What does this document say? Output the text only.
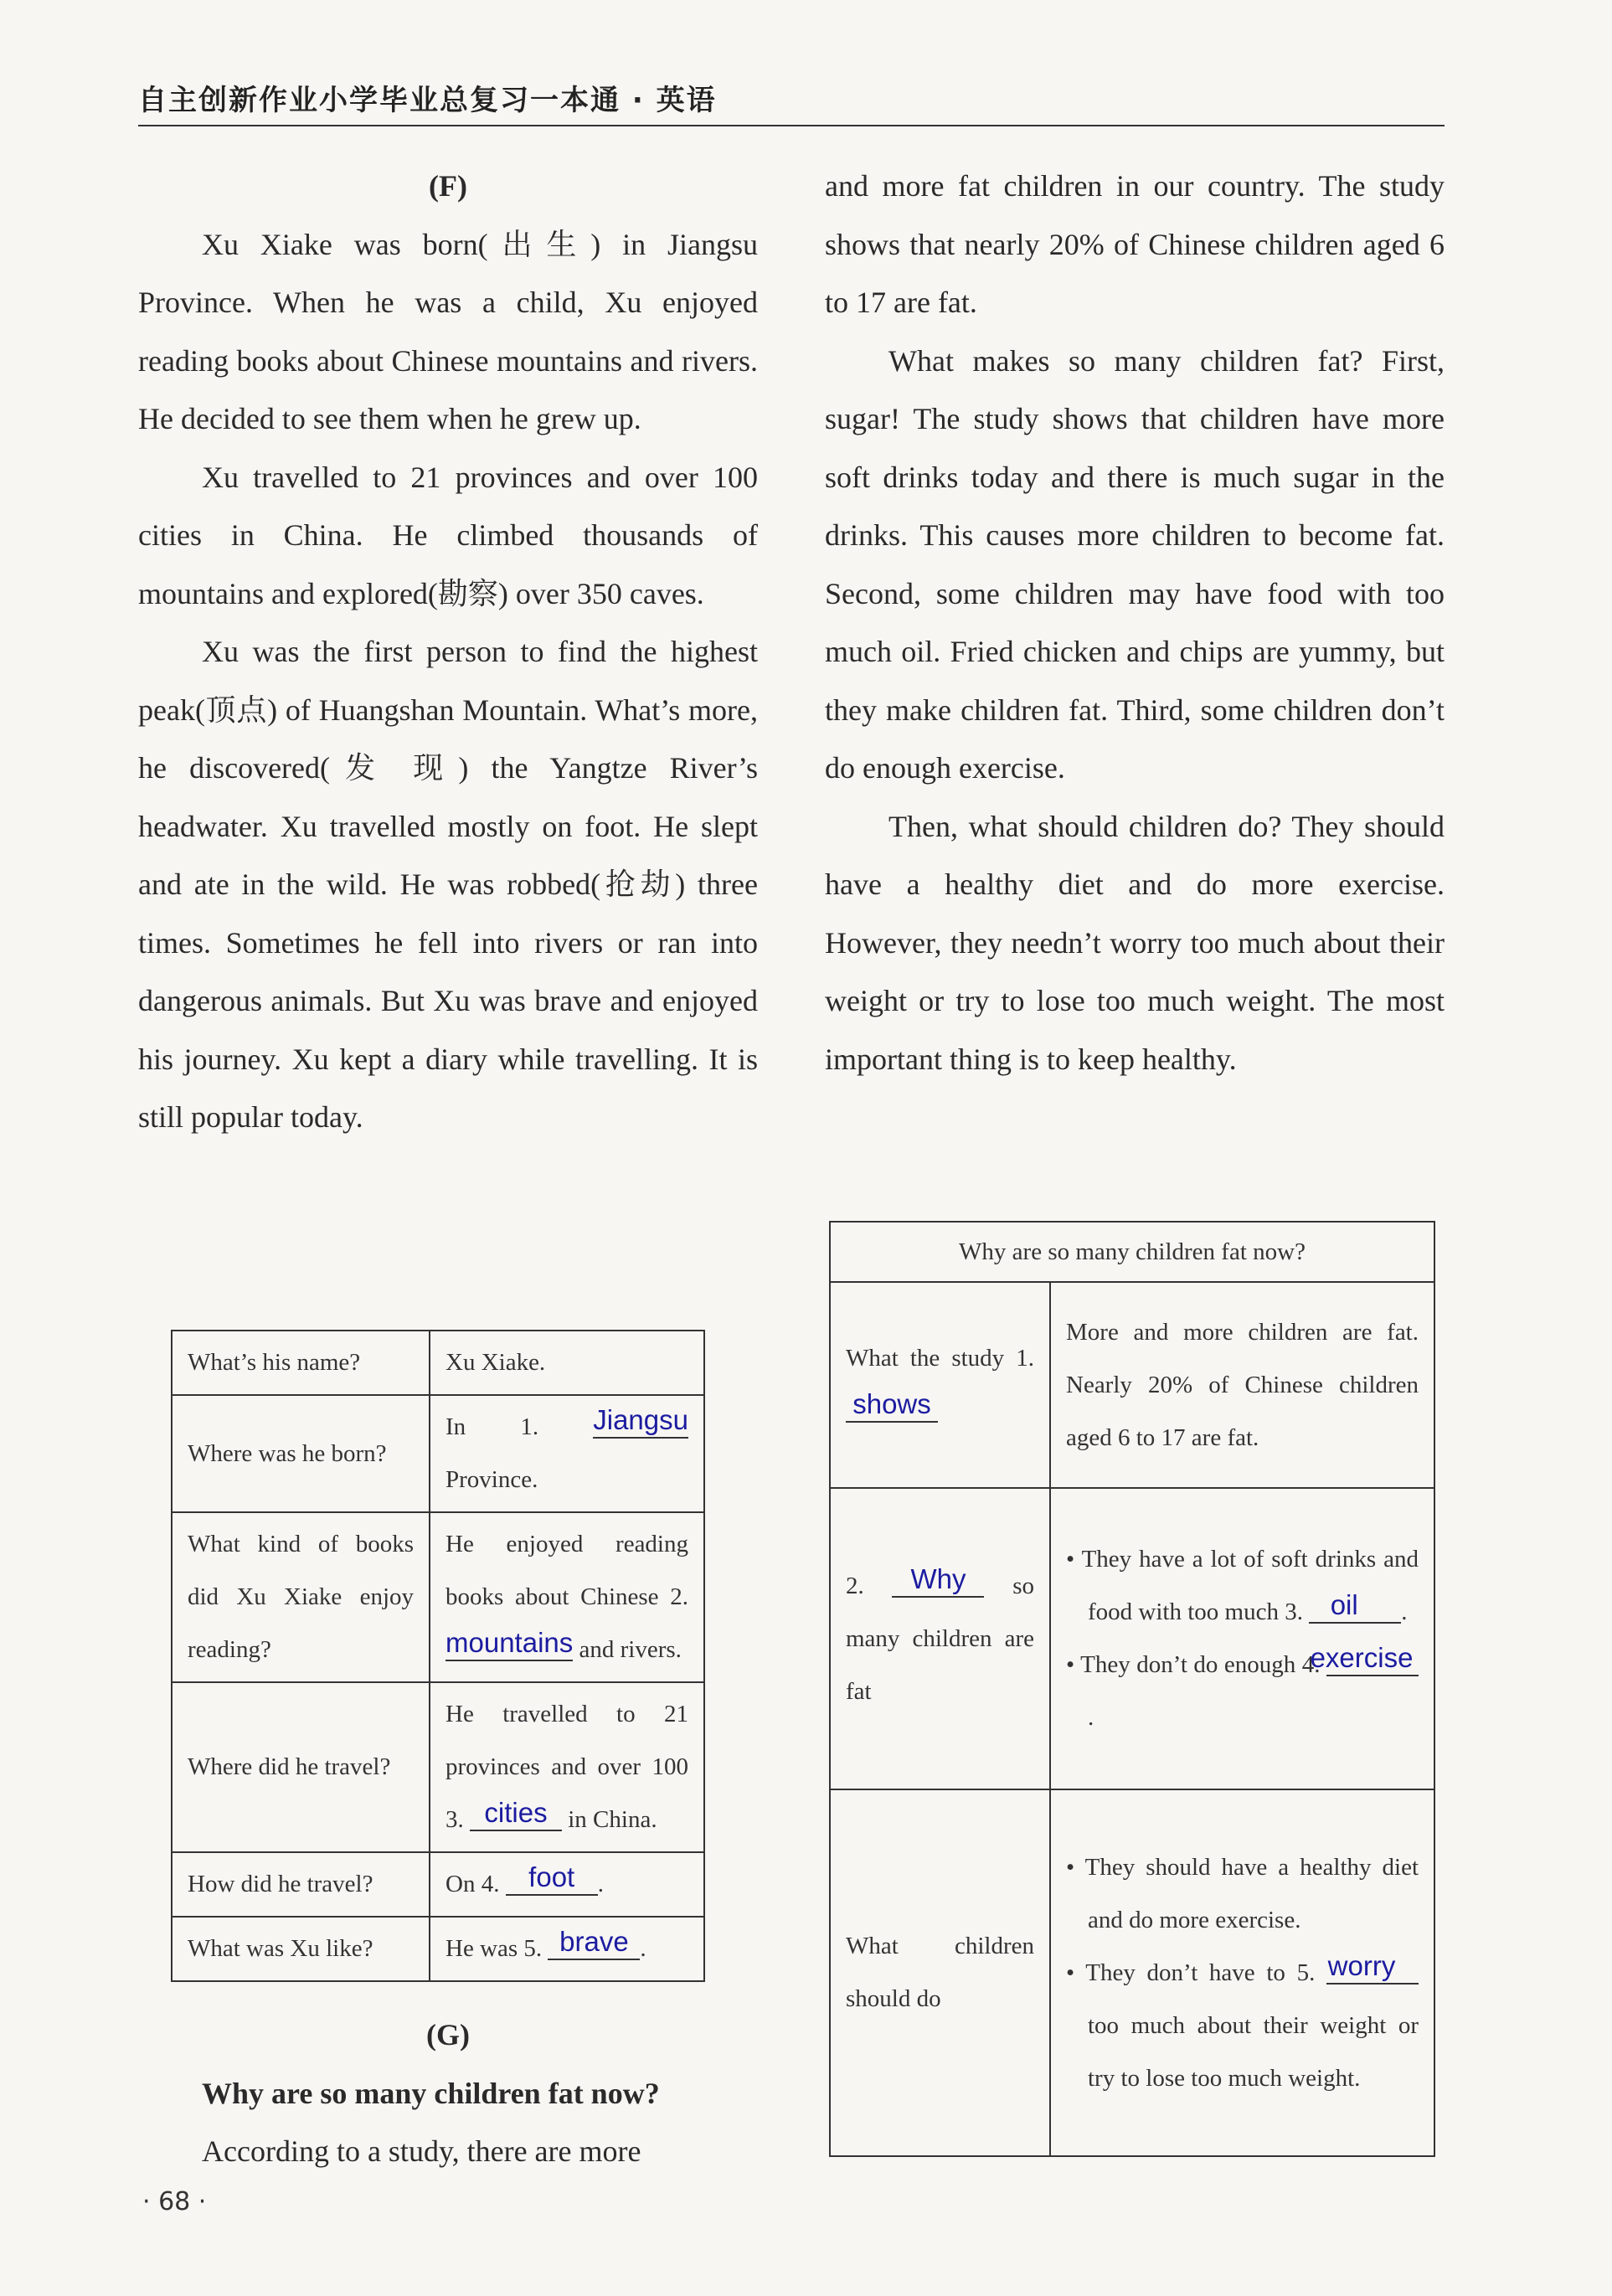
自主创新作业小学毕业总复习一本通 · 英语

(F)

Xu Xiake was born(出生) in Jiangsu Province. When he was a child, Xu enjoyed reading books about Chinese mountains and rivers. He decided to see them when he grew up.

Xu travelled to 21 provinces and over 100 cities in China. He climbed thousands of mountains and explored(勘察) over 350 caves.

Xu was the first person to find the highest peak(顶点) of Huangshan Mountain. What’s more, he discovered(发 现) the Yangtze River’s headwater. Xu travelled mostly on foot. He slept and ate in the wild. He was robbed(抢劫) three times. Sometimes he fell into rivers or ran into dangerous animals. But Xu was brave and enjoyed his journey. Xu kept a diary while travelling. It is still popular today.

What’s his name?	Xu Xiake.
Where was he born?	In 1. Jiangsu Province.
What kind of books did Xu Xiake enjoy reading?	He enjoyed reading books about Chinese 2. mountains and rivers.
Where did he travel?	He travelled to 21 provinces and over 100 3. cities in China.
How did he travel?	On 4. foot .
What was Xu like?	He was 5. brave .

(G)

Why are so many children fat now?

According to a study, there are more

and more fat children in our country. The study shows that nearly 20% of Chinese children aged 6 to 17 are fat.

What makes so many children fat? First, sugar! The study shows that children have more soft drinks today and there is much sugar in the drinks. This causes more children to become fat. Second, some children may have food with too much oil. Fried chicken and chips are yummy, but they make children fat. Third, some children don’t do enough exercise.

Then, what should children do? They should have a healthy diet and do more exercise. However, they needn’t worry too much about their weight or try to lose too much weight. The most important thing is to keep healthy.

Why are so many children fat now?	
What the study 1. shows	More and more children are fat. Nearly 20% of Chinese children aged 6 to 17 are fat.
2. Why so many children are fat	• They have a lot of soft drinks and food with too much 3. oil .
• They don’t do enough 4. exercise.

What children should do	• They should have a healthy diet and do more exercise.
• They don’t have to 5. worry too much about their weight or try to lose too much weight.
· 68 ·
